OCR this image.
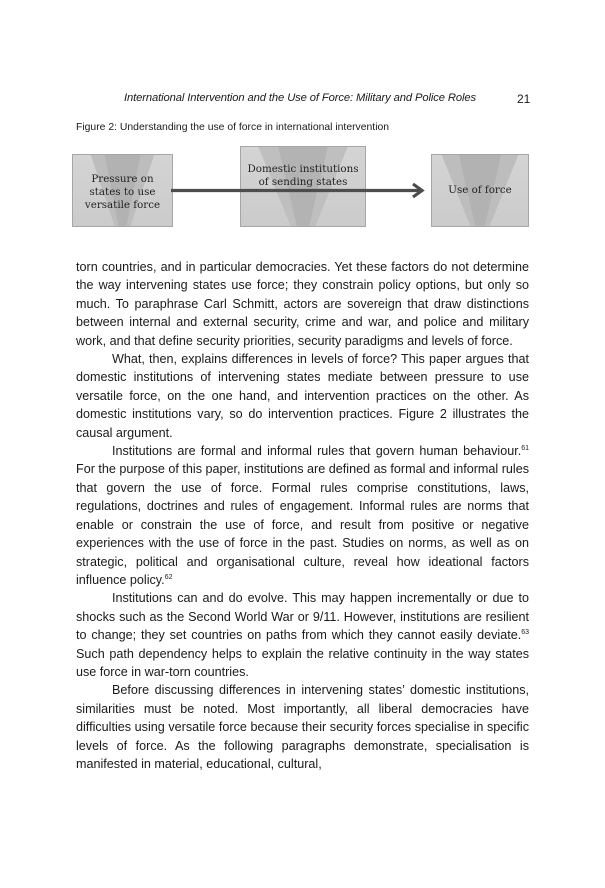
International Intervention and the Use of Force: Military and Police Roles	21
Figure 2: Understanding the use of force in international intervention
Pressure on
states to use
versatile force
Domestic institutions
of sending states
Use of force

torn countries, and in particular democracies. Yet these factors do not determine the way intervening states use force; they constrain policy options, but only so much. To paraphrase Carl Schmitt, actors are sovereign that draw distinctions between internal and external security, crime and war, and police and military work, and that define security priorities, security paradigms and levels of force.

What, then, explains differences in levels of force? This paper argues that domestic institutions of intervening states mediate between pressure to use versatile force, on the one hand, and intervention practices on the other. As domestic institutions vary, so do intervention practices. Figure 2 illustrates the causal argument.

Institutions are formal and informal rules that govern human behaviour.$^{61}$ For the purpose of this paper, institutions are defined as formal and informal rules that govern the use of force. Formal rules comprise constitutions, laws, regulations, doctrines and rules of engagement. Informal rules are norms that enable or constrain the use of force, and result from positive or negative experiences with the use of force in the past. Studies on norms, as well as on strategic, political and organisational culture, reveal how ideational factors influence policy.$^{62}$

Institutions can and do evolve. This may happen incrementally or due to shocks such as the Second World War or 9/11. However, institutions are resilient to change; they set countries on paths from which they cannot easily deviate.$^{63}$ Such path dependency helps to explain the relative continuity in the way states use force in war-torn countries.

Before discussing differences in intervening states’ domestic institutions, similarities must be noted. Most importantly, all liberal democracies have difficulties using versatile force because their security forces specialise in specific levels of force. As the following paragraphs demonstrate, specialisation is manifested in material, educational, cultural,
